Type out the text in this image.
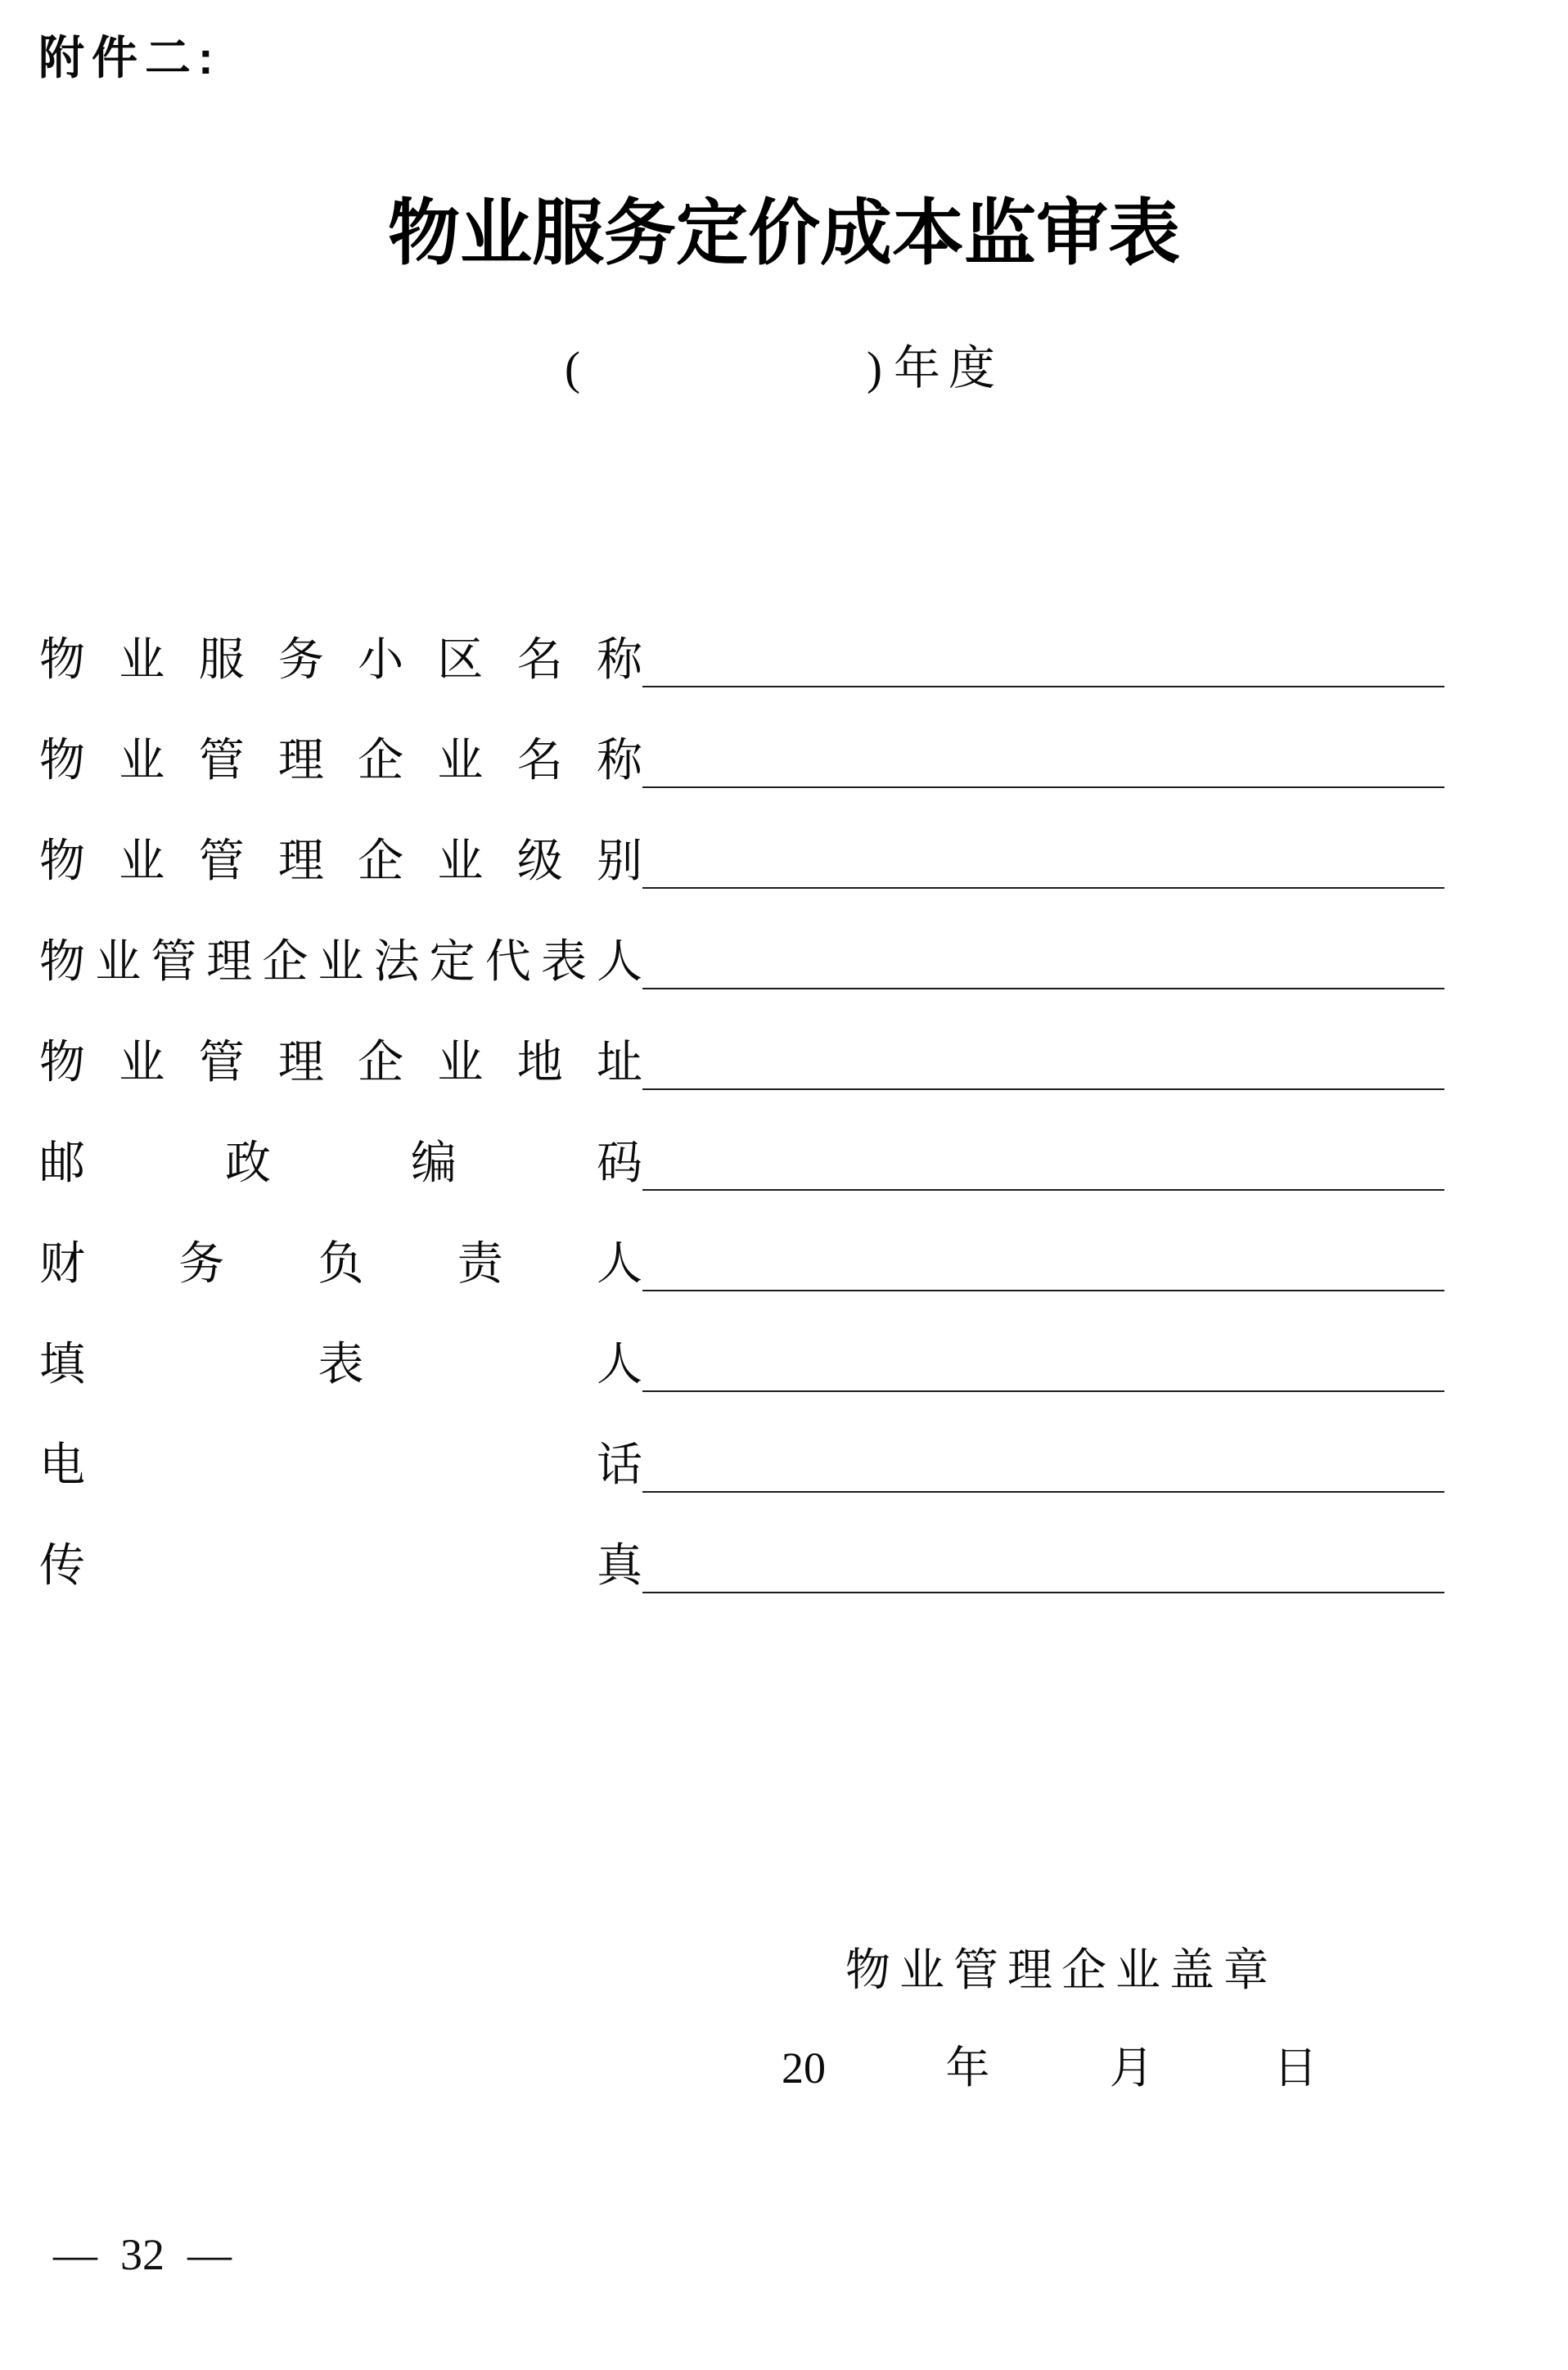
附件二:
物业服务定价成本监审表
(	) 年度
物 业 服 务 小 区 名 称
物 业 管 理 企 业 名 称
物 业 管 理 企 业 级 别
物 业 管 理 企 业 法 定 代 表 人
物 业 管 理 企 业 地 址
邮	政	编	码
财 务 负 责 人
填	表	人
电	话
传	真
物业管理企业盖章
20	年	月	日
— 32 —
